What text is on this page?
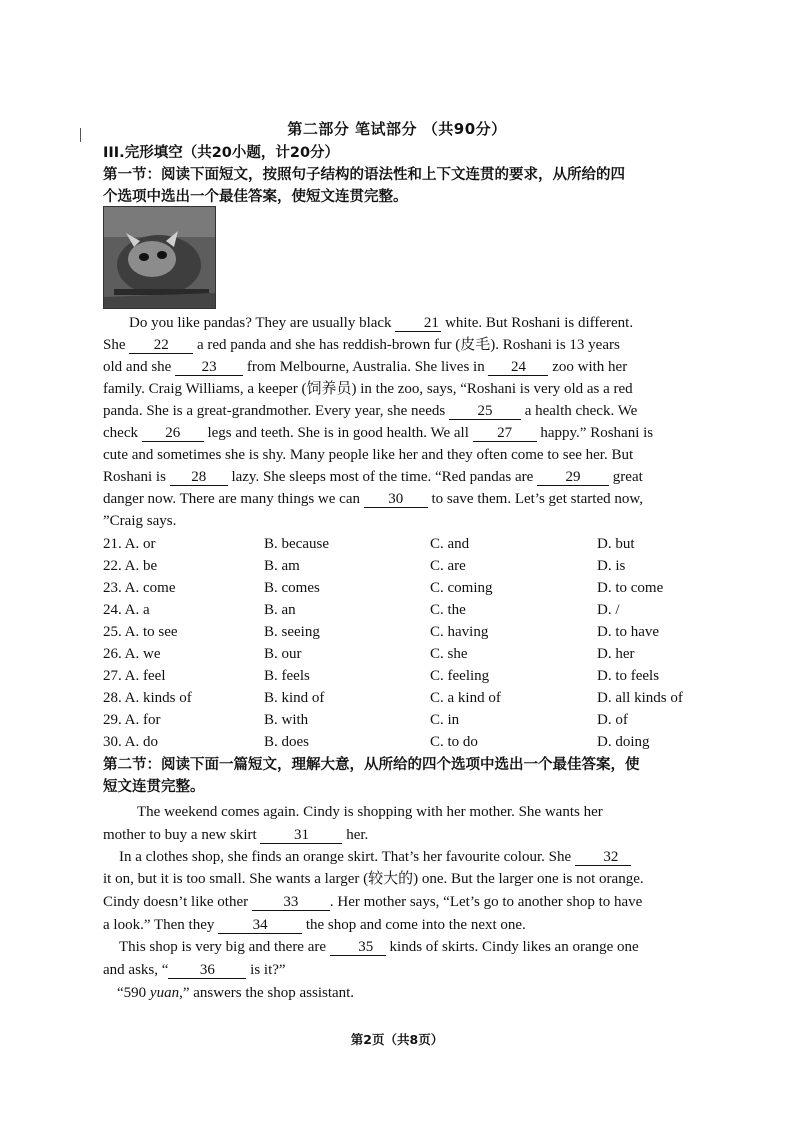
第二部分 笔试部分 （共90分）
III.完形填空（共20小题，计20分）
第一节：阅读下面短文，按照句子结构的语法性和上下文连贯的要求，从所给的四
个选项中选出一个最佳答案，使短文连贯完整。
Do you like pandas? They are usually black 21 white. But Roshani is different.
She 22 a red panda and she has reddish-brown fur (皮毛). Roshani is 13 years
old and she 23 from Melbourne, Australia. She lives in 24 zoo with her
family. Craig Williams, a keeper (饲养员) in the zoo, says, “Roshani is very old as a red
panda. She is a great-grandmother. Every year, she needs 25 a health check. We
check 26 legs and teeth. She is in good health. We all 27 happy.” Roshani is
cute and sometimes she is shy. Many people like her and they often come to see her. But
Roshani is 28 lazy. She sleeps most of the time. “Red pandas are 29 great
danger now. There are many things we can 30 to save them. Let’s get started now,
”Craig says.
21. A. or	B. because	C. and	D. but
22. A. be	B. am	C. are	D. is
23. A. come	B. comes	C. coming	D. to come
24. A. a	B. an	C. the	D. /
25. A. to see	B. seeing	C. having	D. to have
26. A. we	B. our	C. she	D. her
27. A. feel	B. feels	C. feeling	D. to feels
28. A. kinds of	B. kind of	C. a kind of	D. all kinds of
29. A. for	B. with	C. in	D. of
30. A. do	B. does	C. to do	D. doing
第二节：阅读下面一篇短文，理解大意，从所给的四个选项中选出一个最佳答案，使
短文连贯完整。
The weekend comes again. Cindy is shopping with her mother. She wants her
mother to buy a new skirt 31 her.
In a clothes shop, she finds an orange skirt. That’s her favourite colour. She 32
it on, but it is too small. She wants a larger (较大的) one. But the larger one is not orange.
Cindy doesn’t like other 33 . Her mother says, “Let’s go to another shop to have
a look.” Then they 34 the shop and come into the next one.
This shop is very big and there are 35 kinds of skirts. Cindy likes an orange one
and asks, “ 36 is it?”
“590 yuan,” answers the shop assistant.
第2页（共8页）
